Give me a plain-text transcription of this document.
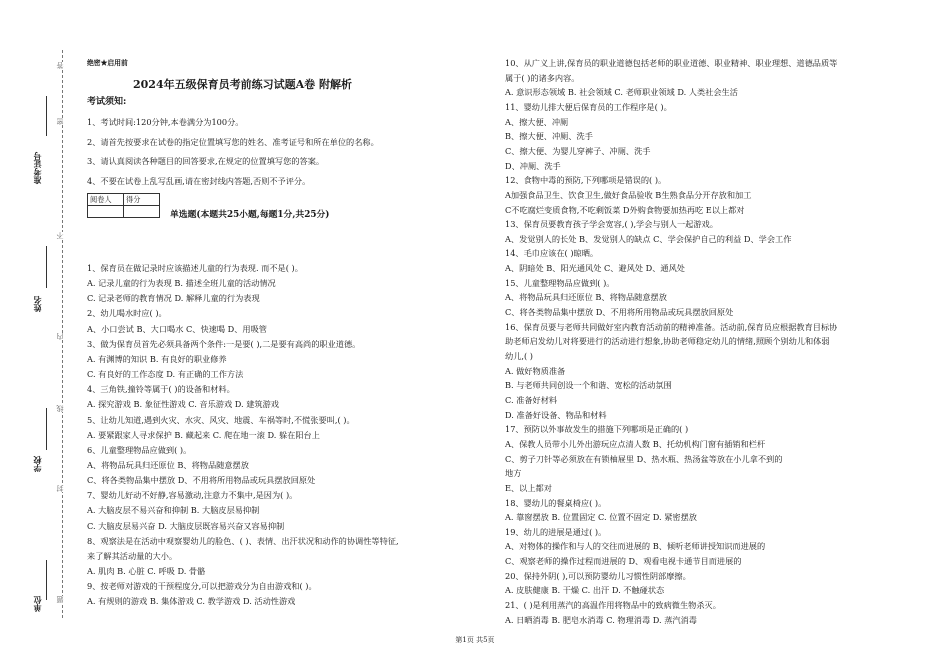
准考证号
姓名
学校
单位
密
封
线
不
内
答
题
绝密★启用前
2024年五级保育员考前练习试题A卷 附解析
考试须知:
1、考试时间:120分钟,本卷满分为100分。
2、请首先按要求在试卷的指定位置填写您的姓名、准考证号和所在单位的名称。
3、请认真阅读各种题目的回答要求,在规定的位置填写您的答案。
4、不要在试卷上乱写乱画,请在密封线内答题,否则不予评分。
阅卷人	得分

单选题(本题共25小题,每题1分,共25分)
1、保育员在做记录时应该描述儿童的行为表现. 而不是( )。
A. 记录儿童的行为表现 B. 描述全班儿童的活动情况
C. 记录老师的教育情况 D. 解释儿童的行为表现
2、幼儿喝水时应( )。
A、小口尝试 B、大口喝水 C、快速喝 D、用吸管
3、做为保育员首先必须具备两个条件:一是要( ),二是要有高尚的职业道德。
A. 有渊博的知识 B. 有良好的职业修养
C. 有良好的工作态度 D. 有正确的工作方法
4、三角铁,撞铃等属于( )的设备和材料。
A. 探究游戏 B. 象征性游戏 C. 音乐游戏 D. 建筑游戏
5、让幼儿知道,遇到火灾、水灾、风灾、地震、车祸等时,不慌张要叫,( )。
A. 要紧跟家人寻求保护 B. 藏起来 C. 爬在地一滚 D. 躲在阳台上
6、儿童整理物品应做到( )。
A、将物品玩具归还原位 B、将物品随意摆放
C、将各类物品集中摆放 D、不用将所用物品或玩具摆放回原处
7、婴幼儿好动不好静,容易激动,注意力不集中,是因为( )。
A. 大脑皮层不易兴奋和抑制 B. 大脑皮层易抑制
C. 大脑皮层易兴奋 D. 大脑皮层既容易兴奋又容易抑制
8、观察法是在活动中观察婴幼儿的脸色、( )、表情、出汗状况和动作的协调性等特征,
来了解其活动量的大小。
A. 肌肉 B. 心脏 C. 呼吸 D. 骨骼
9、按老师对游戏的干预程度分,可以把游戏分为自由游戏和( )。
A. 有规则的游戏 B. 集体游戏 C. 教学游戏 D. 活动性游戏
10、从广义上讲,保育员的职业道德包括老师的职业道德、职业精神、职业理想、道德品质等
属于( )的诸多内容。
A. 意识形态领域 B. 社会领域 C. 老师职业领域 D. 人类社会生活
11、婴幼儿排大便后保育员的工作程序是( )。
A、擦大便、冲厕
B、擦大便、冲厕、洗手
C、擦大便、为婴儿穿裤子、冲厕、洗手
D、冲厕、洗手
12、食物中毒的预防,下列哪项是错误的( )。
A加强食品卫生、饮食卫生,做好食品验收 B生熟食品分开存放和加工
C不吃腐烂变质食物,不吃剩饭菜 D外购食物要加热再吃 E以上都对
13、保育员要教育孩子学会宽容,( ),学会与别人一起游戏。
A、发觉别人的长处 B、发觉别人的缺点 C、学会保护自己的利益 D、学会工作
14、毛巾应该在( )晾晒。
A、阴暗处 B、阳光通风处 C、避风处 D、通风处
15、儿童整理物品应做到( )。
A、将物品玩具归还原位 B、将物品随意摆放
C、将各类物品集中摆放 D、不用将所用物品或玩具摆放回原处
16、保育员要与老师共同做好室内教育活动前的精神准备。活动前,保育员应根据教育目标协
助老师启发幼儿对将要进行的活动进行想象,协助老师稳定幼儿的情绪,照顾个别幼儿和体弱
幼儿,( )
A. 做好物质准备
B. 与老师共同创设一个和谐、宽松的活动氛围
C. 准备好材料
D. 准备好设备、物品和材料
17、预防以外事故发生的措施下列哪项是正确的( )
A、保教人员带小儿外出游玩应点清人数 B、托幼机构门窗有插销和栏杆
C、剪子刀针等必须放在有锁柚屉里 D、热水瓶、热汤盆等放在小儿拿不到的
地方
E、以上都对
18、婴幼儿的餐桌椅应( )。
A. 靠窗摆放 B. 位置固定 C. 位置不固定 D. 紧密摆放
19、幼儿的进展是通过( )。
A、对物体的操作和与人的交往而进展的 B、倾听老师讲授知识而进展的
C、观察老师的操作过程而进展的 D、观看电视卡通节目而进展的
20、保持外阴( ),可以预防婴幼儿习惯性阴部摩擦。
A. 皮肤健康 B. 干燥 C. 出汗 D. 不触碰状态
21、( )是利用蒸汽的高温作用将物品中的致病微生物杀灭。
A. 日晒消毒 B. 肥皂水消毒 C. 物理消毒 D. 蒸汽消毒
第1页 共5页
